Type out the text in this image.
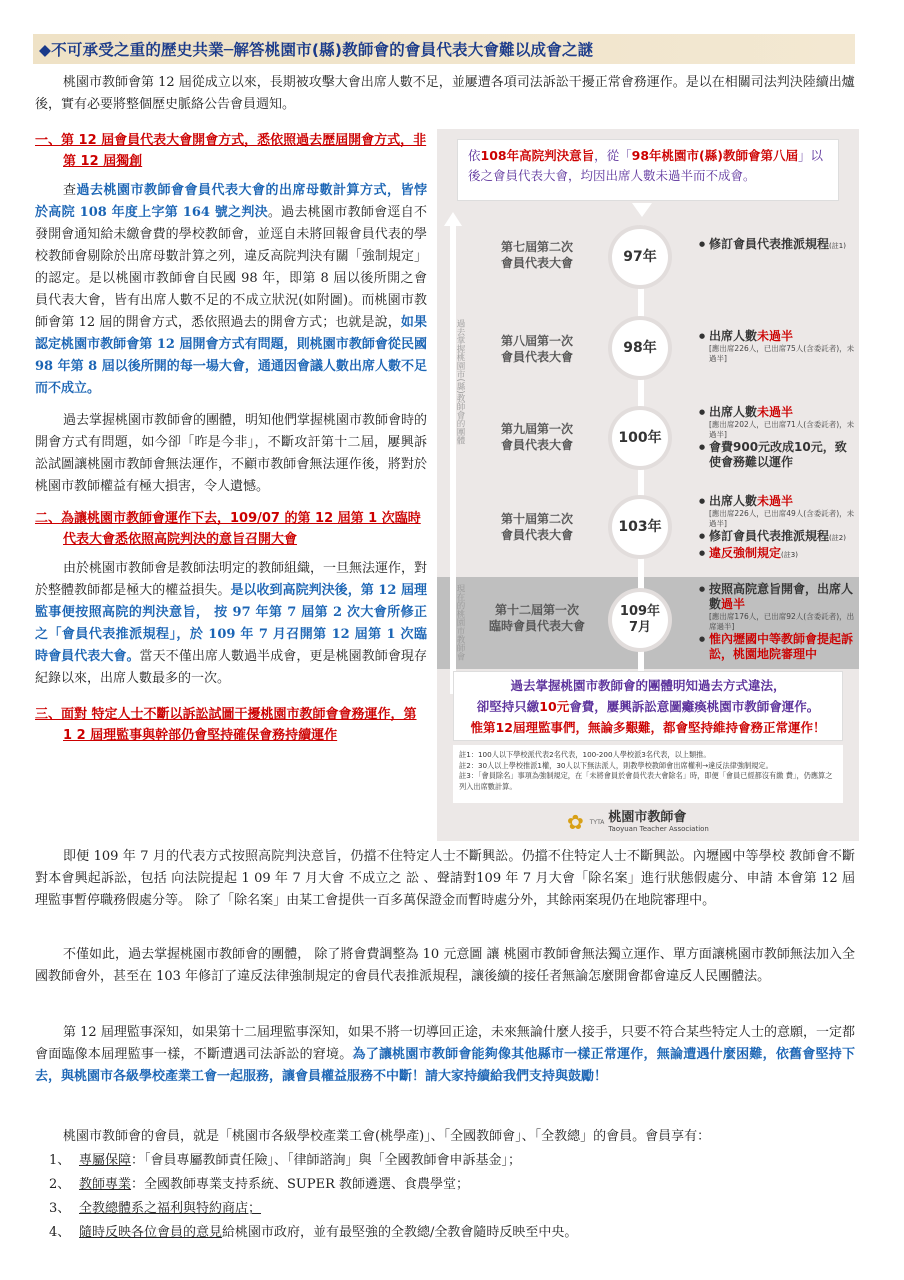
◆不可承受之重的歷史共業─解答桃園市(縣)教師會的會員代表大會難以成會之謎

桃園市教師會第 12 屆從成立以來，長期被攻擊大會出席人數不足，並屢遭各項司法訴訟干擾正常會務運作。是以在相關司法判決陸續出爐後，實有必要將整個歷史脈絡公告會員週知。

一、第 12 屆會員代表大會開會方式，悉依照過去歷屆開會方式，非第 12 屆獨創

查過去桃園市教師會會員代表大會的出席母數計算方式，皆悖於高院 108 年度上字第 164 號之判決。過去桃園市教師會逕自不發開會通知給未繳會費的學校教師會，並逕自未將回報會員代表的學校教師會剔除於出席母數計算之列，違反高院判決有關「強制規定」的認定。是以桃園市教師會自民國 98 年，即第 8 屆以後所開之會員代表大會，皆有出席人數不足的不成立狀況(如附圖)。而桃園市教師會第 12 屆的開會方式，悉依照過去的開會方式；也就是說，如果認定桃園市教師會第 12 屆開會方式有問題，則桃園市教師會從民國 98 年第 8 屆以後所開的每一場大會，通通因會議人數出席人數不足而不成立。

過去掌握桃園市教師會的團體，明知他們掌握桃園市教師會時的開會方式有問題，如今卻「昨是今非」，不斷攻訐第十二屆，屢興訴訟試圖讓桃園市教師會無法運作，不顧市教師會無法運作後，將對於桃園市教師權益有極大損害，令人遺憾。

二、為讓桃園市教師會運作下去，109/07 的第 12 屆第 1 次臨時代表大會悉依照高院判決的意旨召開大會

由於桃園市教師會是教師法明定的教師組織，一旦無法運作，對於整體教師都是極大的權益損失。是以收到高院判決後，第 12 屆理監事便按照高院的判決意旨， 按 97 年第 7 屆第 2 次大會所修正之「會員代表推派規程」，於 109 年 7 月召開第 12 屆第 1 次臨時會員代表大會。當天不僅出席人數過半成會，更是桃園教師會現存紀錄以來，出席人數最多的一次。

三、面對 特定人士不斷以訴訟試圖干擾桃園市教師會會務運作，第 1 2 屆理監事與幹部仍會堅持確保會務持續運作

即便 109 年 7 月的代表方式按照高院判決意旨，仍擋不住特定人士不斷興訟。仍擋不住特定人士不斷興訟。內壢國中等學校 教師會不斷對本會興起訴訟，包括 向法院提起 1 09 年 7 月大會 不成立之 訟 、聲請對109 年 7 月大會「除名案」進行狀態假處分、申請 本會第 12 屆理監事暫停職務假處分等。 除了「除名案」由某工會提供一百多萬保證金而暫時處分外，其餘兩案現仍在地院審理中。

不僅如此，過去掌握桃園市教師會的團體， 除了將會費調整為 10 元意圖 讓 桃園市教師會無法獨立運作、單方面讓桃園市教師無法加入全國教師會外，甚至在 103 年修訂了違反法律強制規定的會員代表推派規程，讓後續的接任者無論怎麼開會都會違反人民團體法。

第 12 屆理監事深知，如果第十二屆理監事深知，如果不將一切導回正途，未來無論什麼人接手，只要不符合某些特定人士的意願，一定都會面臨像本屆理監事一樣，不斷遭遇司法訴訟的窘境。為了讓桃園市教師會能夠像其他縣市一樣正常運作，無論遭遇什麼困難，依舊會堅持下去，與桃園市各級學校產業工會一起服務，讓會員權益服務不中斷！請大家持續給我們支持與鼓勵！

桃園市教師會的會員，就是「桃園市各級學校產業工會(桃學產)」、「全國教師會」、「全教總」的會員。會員享有：

1、 專屬保障：「會員專屬教師責任險」、「律師諮詢」與「全國教師會申訴基金」；
2、 教師專業：全國教師專業支持系統、SUPER 教師遴選、食農學堂；
3、 全教總體系之福利與特約商店；
4、 隨時反映各位會員的意見給桃園市政府，並有最堅強的全教總/全教會隨時反映至中央。
依108年高院判決意旨，從「98年桃園市(縣)教師會第八屆」以後之會員代表大會，均因出席人數未過半而不成會。
過去掌握桃園市(縣)教師會的團體
現在的桃園市教師會
第七屆第二次
會員代表大會	97年
● 修訂會員代表推派規程(註1)
第八屆第一次
會員代表大會
98年
● 出席人數未過半
[應出席226人，已出席75人(含委託者)，未過半]
第九屆第一次
會員代表大會	100年
● 出席人數未過半
[應出席202人，已出席71人(含委託者)，未過半]
● 會費900元改成10元，致使會務難以運作
第十屆第二次
會員代表大會	103年
● 出席人數未過半
[應出席226人，已出席49人(含委託者)，未過半]
● 修訂會員代表推派規程(註2)
● 違反強制規定(註3)
第十二屆第一次
臨時會員代表大會
109年
7月
● 按照高院意旨開會，出席人數過半
[應出席176人，已出席92人(含委託者)，出席過半]
● 惟內壢國中等教師會提起訴訟，桃園地院審理中
過去掌握桃園市教師會的團體明知過去方式違法，
卻堅持只繳10元會費，屢興訴訟意圖癱瘓桃園市教師會運作。
惟第12屆理監事們，無論多艱難，都會堅持維持會務正常運作！
註1：100人以下學校派代表2名代表，100-200人學校派3名代表，以上類推。
註2：30人以上學校推派1權，30人以下無法派人，則教學校教師會出席權利→違反法律強制規定。
註3：「會員除名」事項為強制規定，在「未將會員於會員代表大會除名」時，即便「會員已經都沒有繳 費」，仍應算之列入出席數計算。
✿ TYTA 桃園市教師會
Taoyuan Teacher Association
